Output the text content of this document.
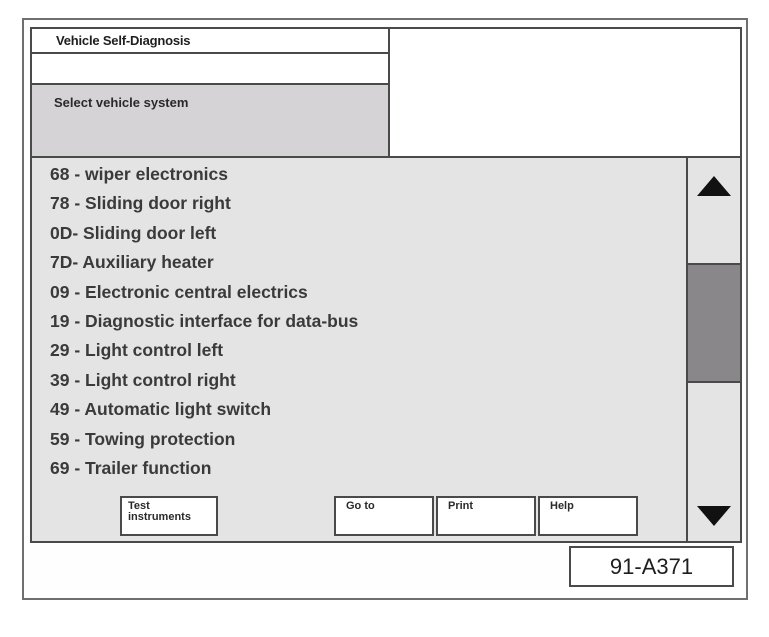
Vehicle Self-Diagnosis
Select vehicle system
68 - wiper electronics
78 - Sliding door right
0D- Sliding door left
7D- Auxiliary heater
09 - Electronic central electrics
19 - Diagnostic interface for data-bus
29 - Light control left
39 - Light control right
49 - Automatic light switch
59 - Towing protection
69 - Trailer function
Test
instruments
Go to	Print	Help
91-A371
